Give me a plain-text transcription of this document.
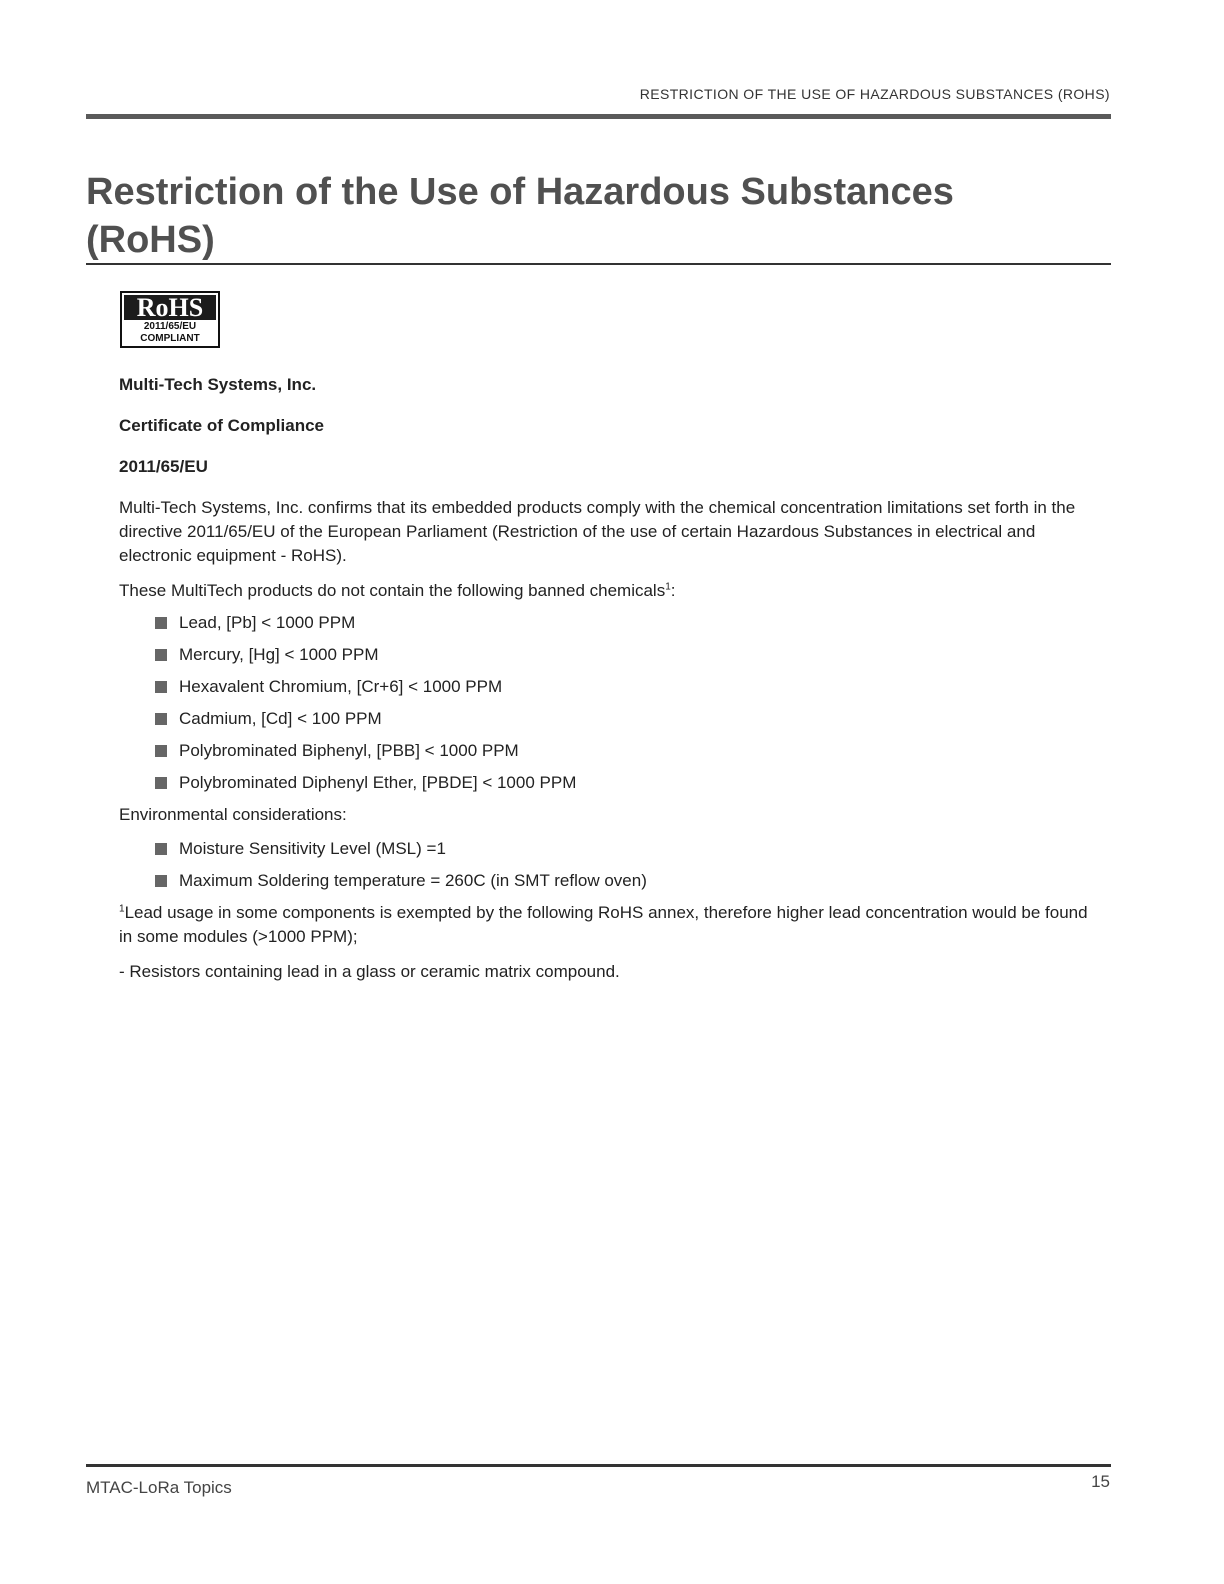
RESTRICTION OF THE USE OF HAZARDOUS SUBSTANCES (ROHS)
Restriction of the Use of Hazardous Substances
(RoHS)
RoHS
2011/65/EU
COMPLIANT

Multi-Tech Systems, Inc.

Certificate of Compliance

2011/65/EU

Multi-Tech Systems, Inc. confirms that its embedded products comply with the chemical concentration limitations set forth in the directive 2011/65/EU of the European Parliament (Restriction of the use of certain Hazardous Substances in electrical and electronic equipment - RoHS).

These MultiTech products do not contain the following banned chemicals$^1$:

Lead, [Pb] < 1000 PPM
Mercury, [Hg] < 1000 PPM
Hexavalent Chromium, [Cr+6] < 1000 PPM
Cadmium, [Cd] < 100 PPM
Polybrominated Biphenyl, [PBB] < 1000 PPM
Polybrominated Diphenyl Ether, [PBDE] < 1000 PPM

Environmental considerations:

Moisture Sensitivity Level (MSL) =1
Maximum Soldering temperature = 260C (in SMT reflow oven)

$^1$Lead usage in some components is exempted by the following RoHS annex, therefore higher lead concentration would be found in some modules (>1000 PPM);

- Resistors containing lead in a glass or ceramic matrix compound.

MTAC-LoRa Topics	15
